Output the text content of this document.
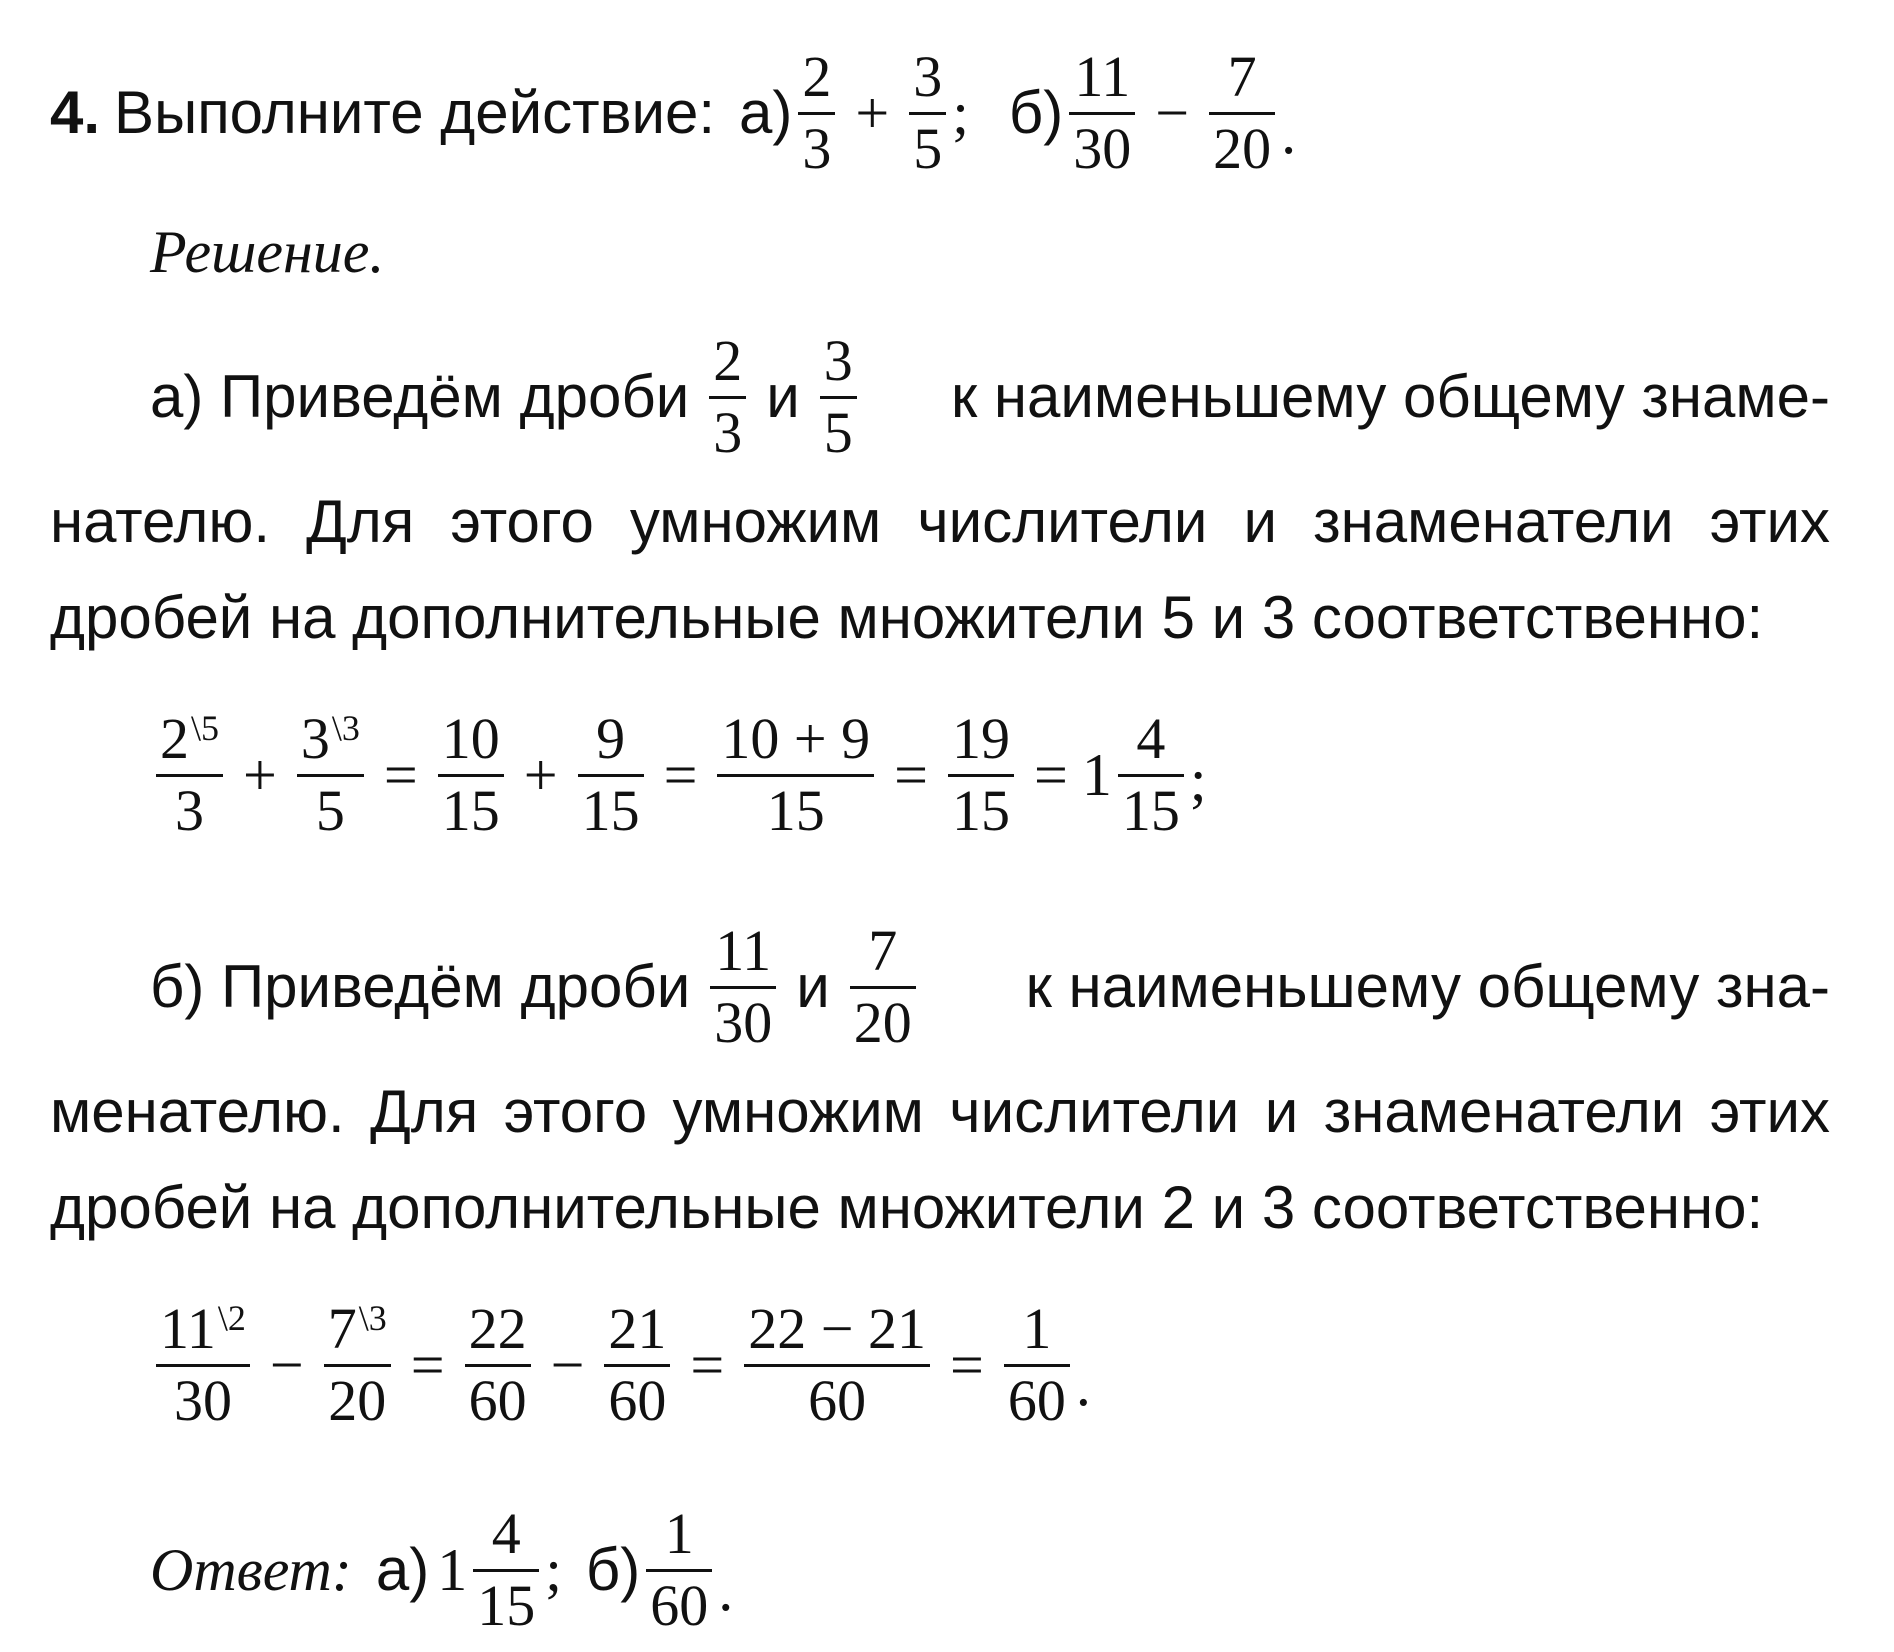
4. Выполните действие: $а) \frac{2}{3} + \frac{3}{5}$ ; $б) \frac{11}{30} - \frac{7}{20}$ .
Решение.
а) Приведём дроби $\frac{2}{3}$ и $\frac{3}{5}$ к наименьшему общему знаме-
нателю. Для этого умножим числители и знаменатели этих
дробей на дополнительные множители 5 и 3 соответственно:
$\frac{2^{\backslash 5}}{3} + \frac{3^{\backslash 3}}{5} = \frac{10}{15} + \frac{9}{15} = \frac{10 + 9}{15} = \frac{19}{15} = 1 \frac{4}{15}$ ;
б) Приведём дроби $\frac{11}{30}$ и $\frac{7}{20}$ к наименьшему общему зна-
менателю. Для этого умножим числители и знаменатели этих
дробей на дополнительные множители 2 и 3 соответственно:
$\frac{11^{\backslash 2}}{30} - \frac{7^{\backslash 3}}{20} = \frac{22}{60} - \frac{21}{60} = \frac{22 - 21}{60} = \frac{1}{60}$ .
Ответ: а) $1 \frac{4}{15}$ ; $б) \frac{1}{60}$ .
